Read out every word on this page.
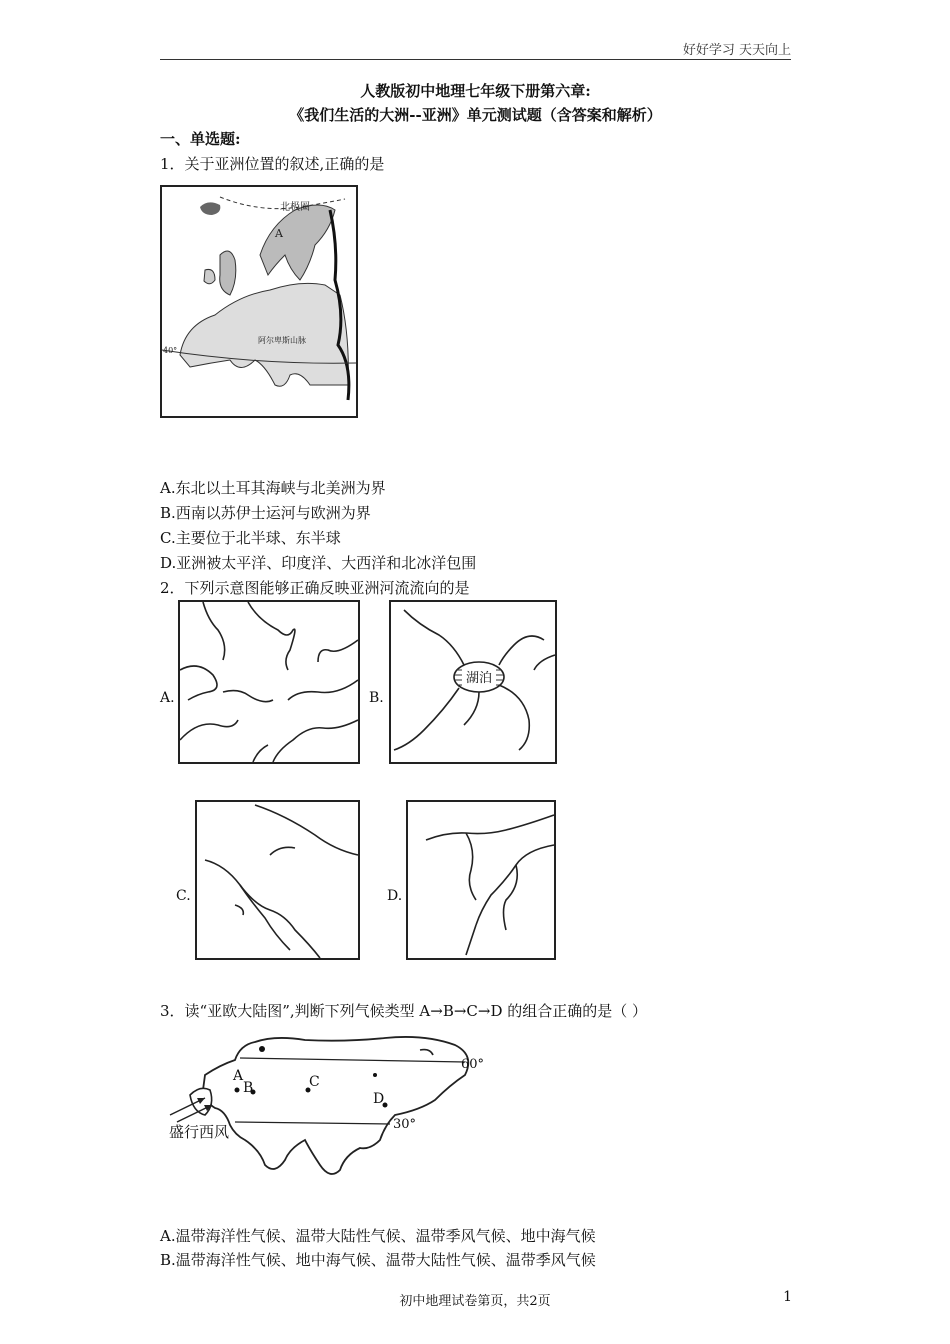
好好学习 天天向上
人教版初中地理七年级下册第六章:
《我们生活的大洲--亚洲》单元测试题（含答案和解析）
一、单选题:
1．关于亚洲位置的叙述,正确的是
北极圈
A
阿尔卑斯山脉
40°
A.东北以土耳其海峡与北美洲为界
B.西南以苏伊士运河与欧洲为界
C.主要位于北半球、东半球
D.亚洲被太平洋、印度洋、大西洋和北冰洋包围
2．下列示意图能够正确反映亚洲河流流向的是
A.	B.
湖泊
C.	D.
3．读“亚欧大陆图”,判断下列气候类型 A→B→C→D 的组合正确的是（ ）
A
B	C
D
60°
30°
盛行西风
A.温带海洋性气候、温带大陆性气候、温带季风气候、地中海气候
B.温带海洋性气候、地中海气候、温带大陆性气候、温带季风气候
初中地理试卷第页，共2页	1
